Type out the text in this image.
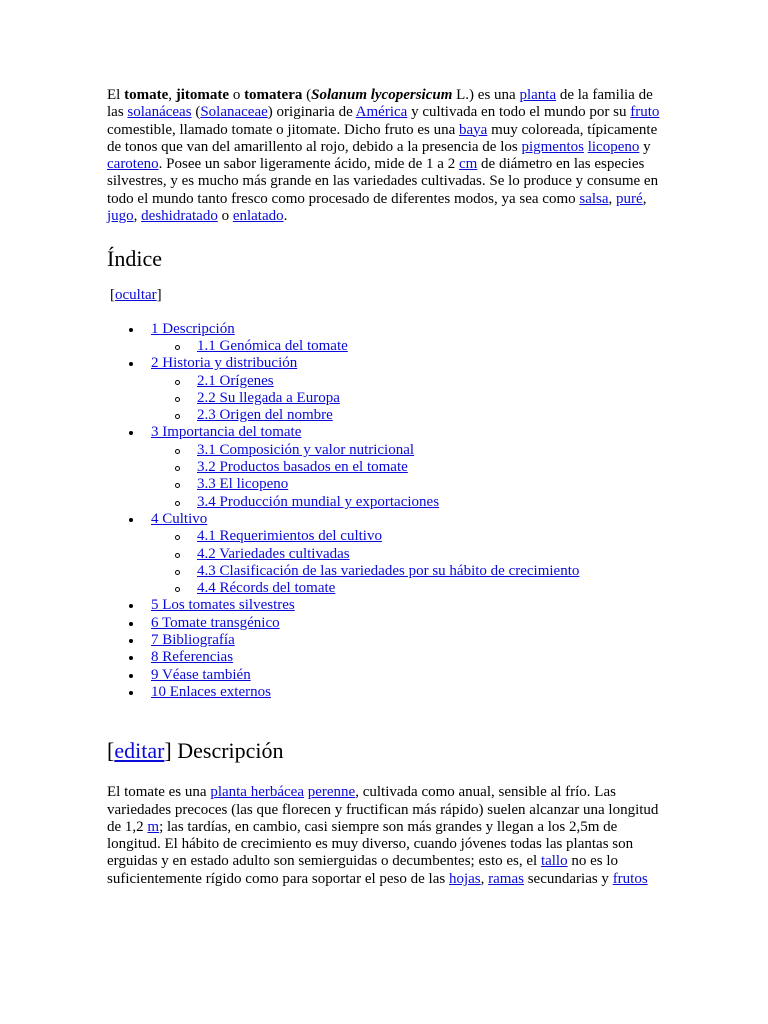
El tomate, jitomate o tomatera (Solanum lycopersicum L.) es una planta de la familia de las solanáceas (Solanaceae) originaria de América y cultivada en todo el mundo por su fruto comestible, llamado tomate o jitomate. Dicho fruto es una baya muy coloreada, típicamente de tonos que van del amarillento al rojo, debido a la presencia de los pigmentos licopeno y caroteno. Posee un sabor ligeramente ácido, mide de 1 a 2 cm de diámetro en las especies silvestres, y es mucho más grande en las variedades cultivadas. Se lo produce y consume en todo el mundo tanto fresco como procesado de diferentes modos, ya sea como salsa, puré, jugo, deshidratado o enlatado.

Índice
[ocultar]
1 Descripción
1.1 Genómica del tomate
2 Historia y distribución
2.1 Orígenes
2.2 Su llegada a Europa
2.3 Origen del nombre
3 Importancia del tomate
3.1 Composición y valor nutricional
3.2 Productos basados en el tomate
3.3 El licopeno
3.4 Producción mundial y exportaciones
4 Cultivo
4.1 Requerimientos del cultivo
4.2 Variedades cultivadas
4.3 Clasificación de las variedades por su hábito de crecimiento
4.4 Récords del tomate
5 Los tomates silvestres
6 Tomate transgénico
7 Bibliografía
8 Referencias
9 Véase también
10 Enlaces externos
[editar] Descripción

El tomate es una planta herbácea perenne, cultivada como anual, sensible al frío. Las variedades precoces (las que florecen y fructifican más rápido) suelen alcanzar una longitud de 1,2 m; las tardías, en cambio, casi siempre son más grandes y llegan a los 2,5m de longitud. El hábito de crecimiento es muy diverso, cuando jóvenes todas las plantas son erguidas y en estado adulto son semierguidas o decumbentes; esto es, el tallo no es lo suficientemente rígido como para soportar el peso de las hojas, ramas secundarias y frutos
